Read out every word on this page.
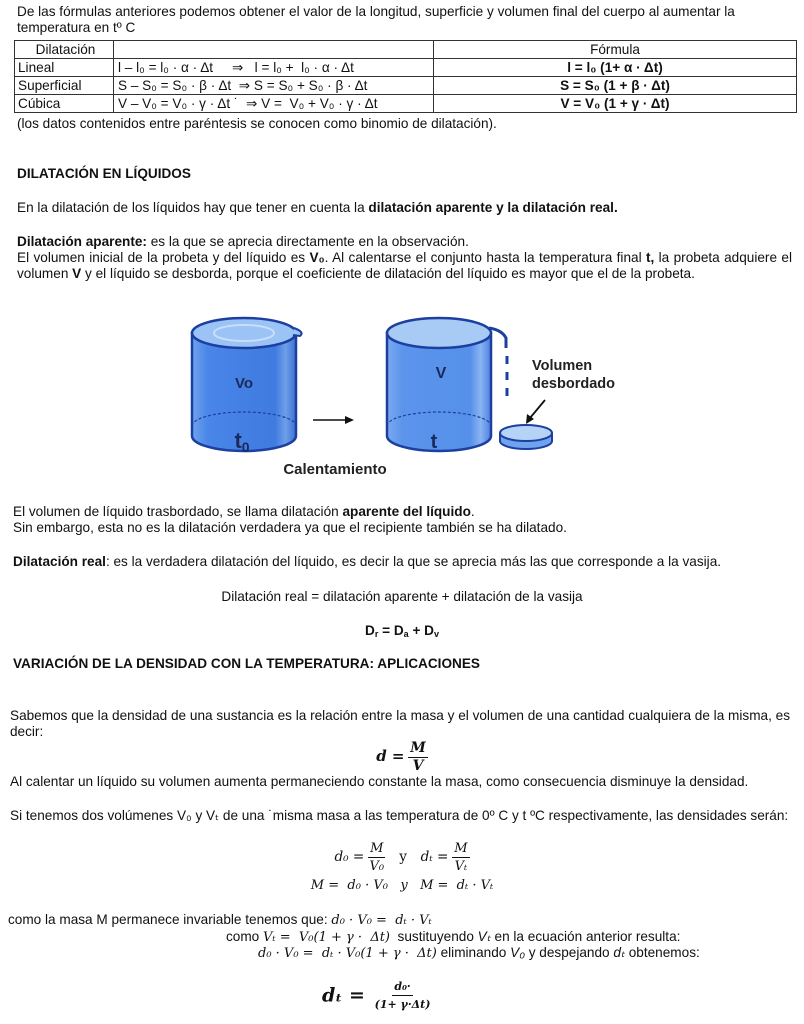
De las fórmulas anteriores podemos obtener el valor de la longitud, superficie y volumen final del cuerpo al aumentar la
temperatura en tº C
Dilatación		Fórmula
Lineal	l – l₀ = l₀ · α · Δt     ⇒   l = l₀ +  l₀ · α · Δt	l = l₀ (1+ α · Δt)
Superficial	S – S₀ = S₀ · β · Δt  ⇒ S = S₀ + S₀ · β · Δt	S = S₀ (1 + β · Δt)
Cúbica	V – V₀ = V₀ · γ · Δt ˙  ⇒ V =  V₀ + V₀ · γ · Δt	V = V₀ (1 + γ · Δt)
(los datos contenidos entre paréntesis se conocen como binomio de dilatación).
DILATACIÓN EN LÍQUIDOS
En la dilatación de los líquidos hay que tener en cuenta la dilatación aparente y la dilatación real.
Dilatación aparente: es la que se aprecia directamente en la observación.
El volumen inicial de la probeta y del líquido es V₀. Al calentarse el conjunto hasta la temperatura final t, la probeta adquiere el volumen V y el líquido se desborda, porque el coeficiente de dilatación del líquido es mayor que el de la probeta.
Vo
t0
Calentamiento
V
t
Volumen
desbordado
El volumen de líquido trasbordado, se llama dilatación aparente del líquido.
Sin embargo, esta no es la dilatación verdadera ya que el recipiente también se ha dilatado.
Dilatación real: es la verdadera dilatación del líquido, es decir la que se aprecia más las que corresponde a la vasija.
Dilatación real = dilatación aparente + dilatación de la vasija
$D_r = D_a + D_v$
VARIACIÓN DE LA DENSIDAD CON LA TEMPERATURA: APLICACIONES
Sabemos que la densidad de una sustancia es la relación entre la masa y el volumen de una cantidad cualquiera de la misma, es decir:
$d = \frac{M}{V}$
Al calentar un líquido su volumen aumenta permaneciendo constante la masa, como consecuencia disminuye la densidad.
Si tenemos dos volúmenes V₀ y Vₜ de una ˙misma masa a las temperatura de 0º C y t ºC respectivamente, las densidades serán:
$d_0 = \frac{M}{\text{V₀}}$ y $d_t = \frac{M}{\text{Vₜ}}$
M =  d₀ · V₀   y   M =  dₜ · Vₜ
como la masa M permanece invariable tenemos que: d₀ · V₀ =  dₜ · Vₜ
como Vₜ =  V₀(1 + γ ·  Δt)  sustituyendo Vₜ en la ecuación anterior resulta:
d₀ · V₀ =  dₜ · V₀(1 + γ ·  Δt) eliminando V₀ y despejando dₜ obtenemos:
$d_t = \frac{\text{d₀·}}{(1+ \gamma\cdot\Delta t)}$
